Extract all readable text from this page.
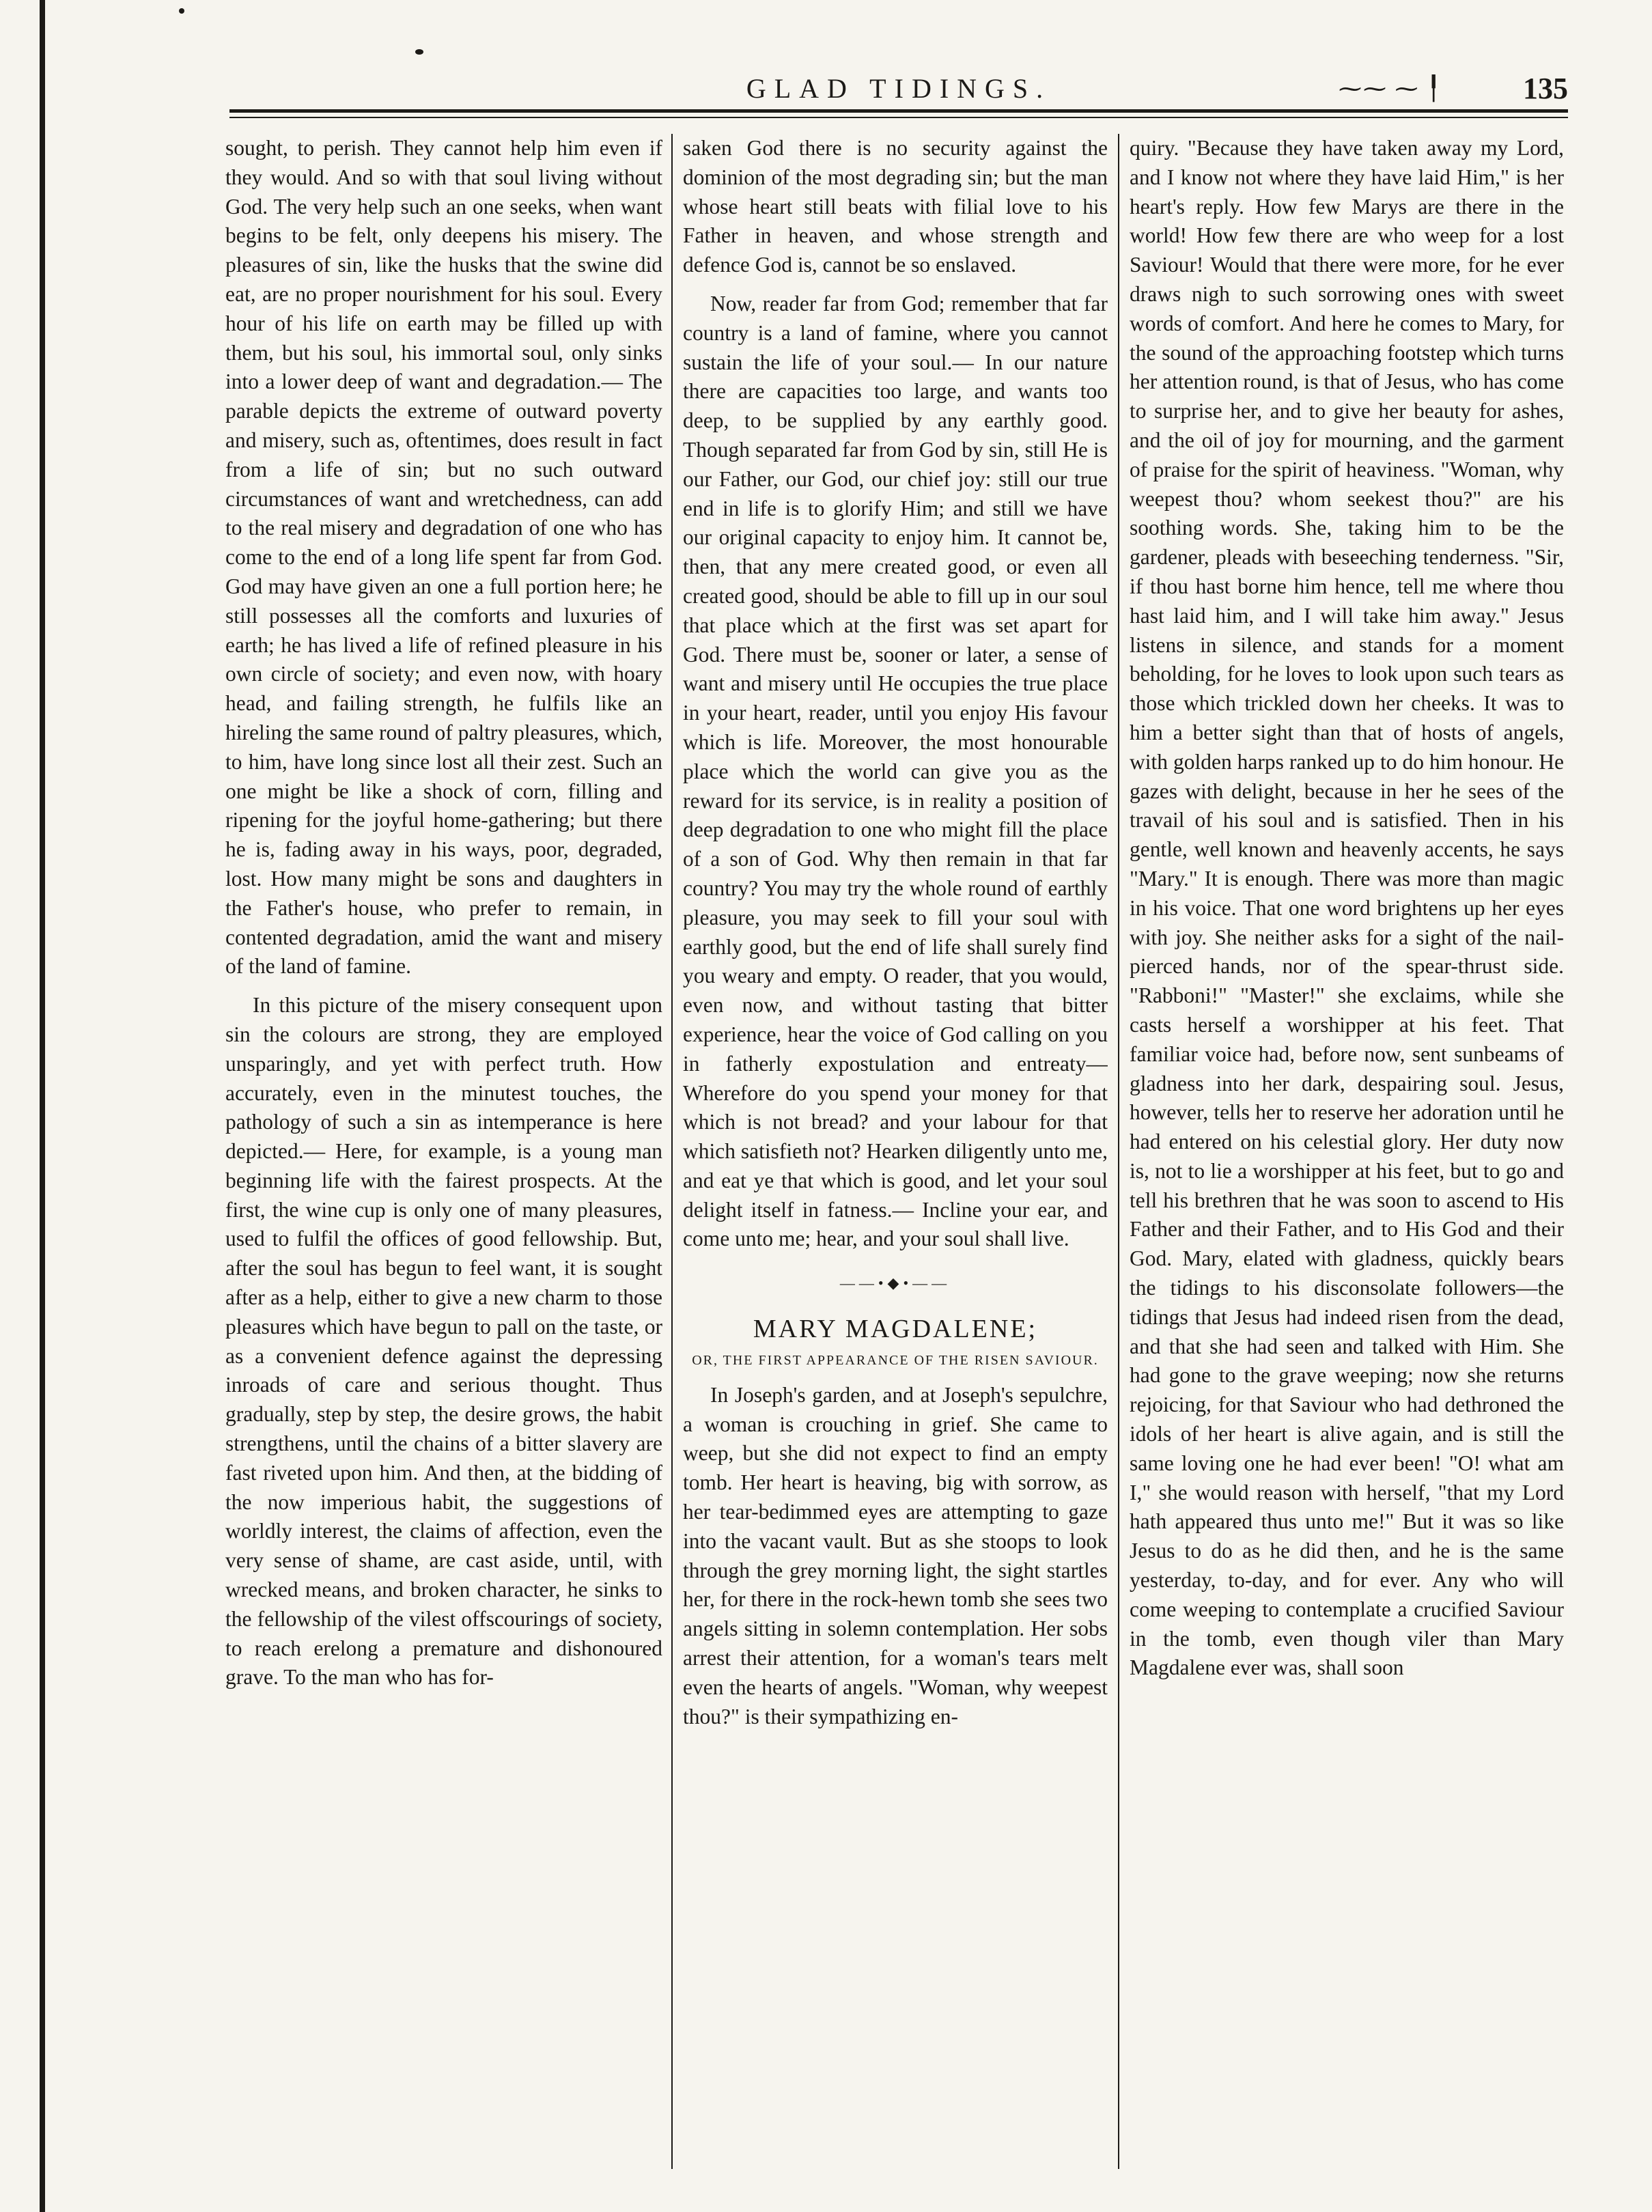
GLAD TIDINGS.	⁓⁓ ⁓ ╿	135

sought, to perish. They cannot help him even if they would. And so with that soul living without God. The very help such an one seeks, when want begins to be felt, only deepens his misery. The pleasures of sin, like the husks that the swine did eat, are no proper nourishment for his soul. Every hour of his life on earth may be filled up with them, but his soul, his immortal soul, only sinks into a lower deep of want and degradation.— The parable depicts the extreme of outward poverty and misery, such as, oftentimes, does result in fact from a life of sin; but no such outward circumstances of want and wretchedness, can add to the real misery and degradation of one who has come to the end of a long life spent far from God. God may have given an one a full portion here; he still possesses all the comforts and luxuries of earth; he has lived a life of refined pleasure in his own circle of society; and even now, with hoary head, and failing strength, he fulfils like an hireling the same round of paltry pleasures, which, to him, have long since lost all their zest. Such an one might be like a shock of corn, filling and ripening for the joyful home-gathering; but there he is, fading away in his ways, poor, degraded, lost. How many might be sons and daughters in the Father's house, who prefer to remain, in contented degradation, amid the want and misery of the land of famine.

In this picture of the misery consequent upon sin the colours are strong, they are employed unsparingly, and yet with perfect truth. How accurately, even in the minutest touches, the pathology of such a sin as intemperance is here depicted.— Here, for example, is a young man beginning life with the fairest prospects. At the first, the wine cup is only one of many pleasures, used to fulfil the offices of good fellowship. But, after the soul has begun to feel want, it is sought after as a help, either to give a new charm to those pleasures which have begun to pall on the taste, or as a convenient defence against the depressing inroads of care and serious thought. Thus gradually, step by step, the desire grows, the habit strengthens, until the chains of a bitter slavery are fast riveted upon him. And then, at the bidding of the now imperious habit, the suggestions of worldly interest, the claims of affection, even the very sense of shame, are cast aside, until, with wrecked means, and broken character, he sinks to the fellowship of the vilest offscourings of society, to reach erelong a premature and dishonoured grave. To the man who has for-

saken God there is no security against the dominion of the most degrading sin; but the man whose heart still beats with filial love to his Father in heaven, and whose strength and defence God is, cannot be so enslaved.

Now, reader far from God; remember that far country is a land of famine, where you cannot sustain the life of your soul.— In our nature there are capacities too large, and wants too deep, to be supplied by any earthly good. Though separated far from God by sin, still He is our Father, our God, our chief joy: still our true end in life is to glorify Him; and still we have our original capacity to enjoy him. It cannot be, then, that any mere created good, or even all created good, should be able to fill up in our soul that place which at the first was set apart for God. There must be, sooner or later, a sense of want and misery until He occupies the true place in your heart, reader, until you enjoy His favour which is life. Moreover, the most honourable place which the world can give you as the reward for its service, is in reality a position of deep degradation to one who might fill the place of a son of God. Why then remain in that far country? You may try the whole round of earthly pleasure, you may seek to fill your soul with earthly good, but the end of life shall surely find you weary and empty. O reader, that you would, even now, and without tasting that bitter experience, hear the voice of God calling on you in fatherly expostulation and entreaty—Wherefore do you spend your money for that which is not bread? and your labour for that which satisfieth not? Hearken diligently unto me, and eat ye that which is good, and let your soul delight itself in fatness.— Incline your ear, and come unto me; hear, and your soul shall live.

——•◆•——
MARY MAGDALENE;
OR, THE FIRST APPEARANCE OF THE RISEN SAVIOUR.

In Joseph's garden, and at Joseph's sepulchre, a woman is crouching in grief. She came to weep, but she did not expect to find an empty tomb. Her heart is heaving, big with sorrow, as her tear-bedimmed eyes are attempting to gaze into the vacant vault. But as she stoops to look through the grey morning light, the sight startles her, for there in the rock-hewn tomb she sees two angels sitting in solemn contemplation. Her sobs arrest their attention, for a woman's tears melt even the hearts of angels. "Woman, why weepest thou?" is their sympathizing en-

quiry. "Because they have taken away my Lord, and I know not where they have laid Him," is her heart's reply. How few Marys are there in the world! How few there are who weep for a lost Saviour! Would that there were more, for he ever draws nigh to such sorrowing ones with sweet words of comfort. And here he comes to Mary, for the sound of the approaching footstep which turns her attention round, is that of Jesus, who has come to surprise her, and to give her beauty for ashes, and the oil of joy for mourning, and the garment of praise for the spirit of heaviness. "Woman, why weepest thou? whom seekest thou?" are his soothing words. She, taking him to be the gardener, pleads with beseeching tenderness. "Sir, if thou hast borne him hence, tell me where thou hast laid him, and I will take him away." Jesus listens in silence, and stands for a moment beholding, for he loves to look upon such tears as those which trickled down her cheeks. It was to him a better sight than that of hosts of angels, with golden harps ranked up to do him honour. He gazes with delight, because in her he sees of the travail of his soul and is satisfied. Then in his gentle, well known and heavenly accents, he says "Mary." It is enough. There was more than magic in his voice. That one word brightens up her eyes with joy. She neither asks for a sight of the nail-pierced hands, nor of the spear-thrust side. "Rabboni!" "Master!" she exclaims, while she casts herself a worshipper at his feet. That familiar voice had, before now, sent sunbeams of gladness into her dark, despairing soul. Jesus, however, tells her to reserve her adoration until he had entered on his celestial glory. Her duty now is, not to lie a worshipper at his feet, but to go and tell his brethren that he was soon to ascend to His Father and their Father, and to His God and their God. Mary, elated with gladness, quickly bears the tidings to his disconsolate followers—the tidings that Jesus had indeed risen from the dead, and that she had seen and talked with Him. She had gone to the grave weeping; now she returns rejoicing, for that Saviour who had dethroned the idols of her heart is alive again, and is still the same loving one he had ever been! "O! what am I," she would reason with herself, "that my Lord hath appeared thus unto me!" But it was so like Jesus to do as he did then, and he is the same yesterday, to-day, and for ever. Any who will come weeping to contemplate a crucified Saviour in the tomb, even though viler than Mary Magdalene ever was, shall soon
